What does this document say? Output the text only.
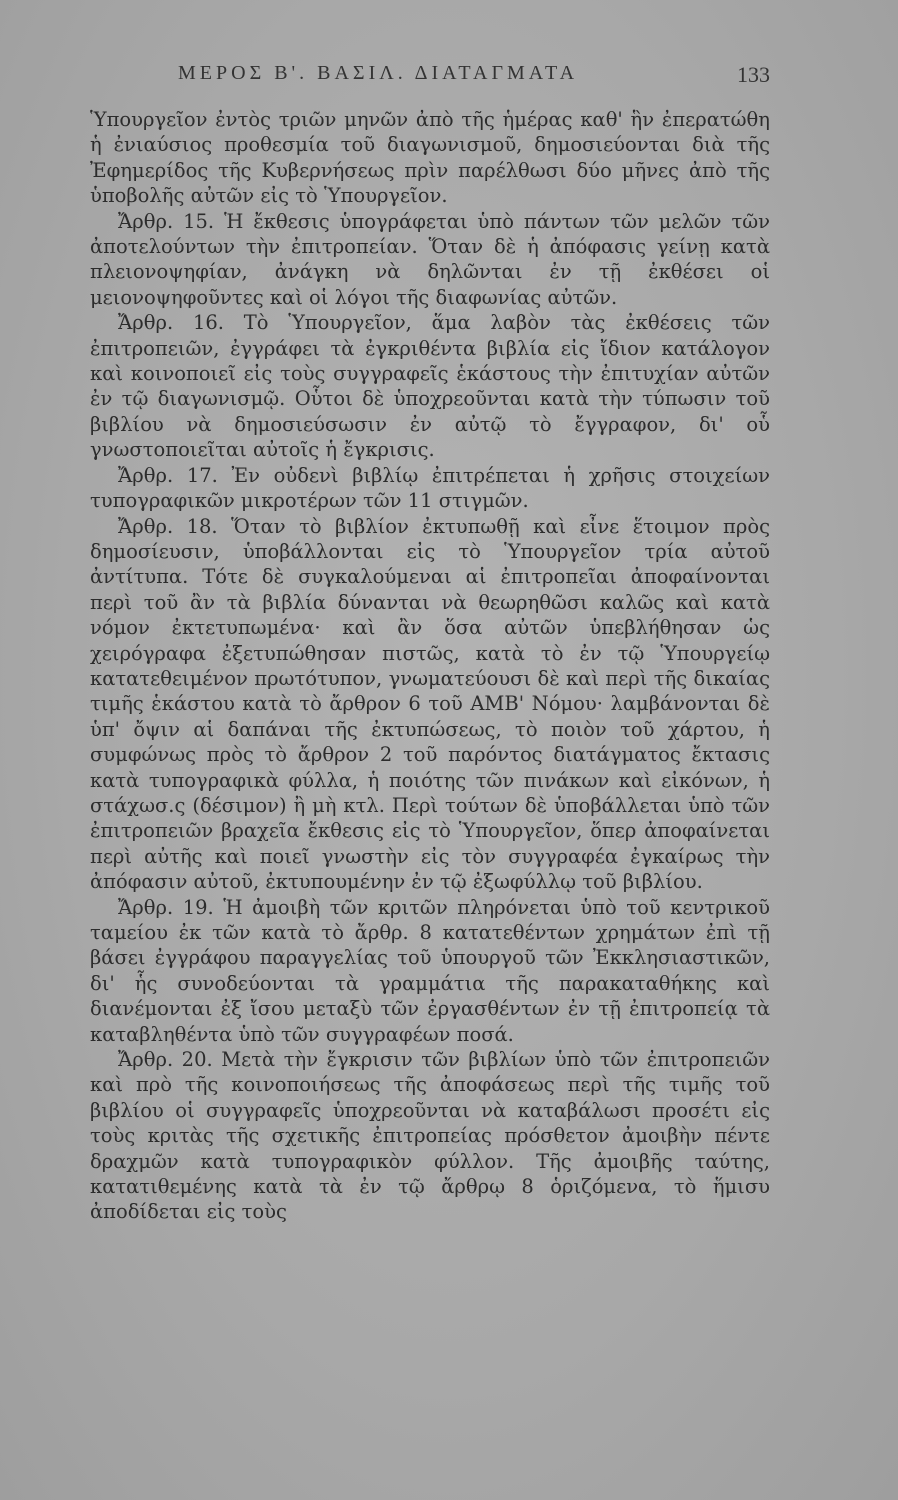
ΜΕΡΟΣ Β'. ΒΑΣΙΛ. ΔΙΑΤΑΓΜΑΤΑ	133

Ὑπουργεῖον ἐντὸς τριῶν μηνῶν ἀπὸ τῆς ἡμέρας καθ' ἣν ἐπερατώθη ἡ ἐνιαύσιος προθεσμία τοῦ διαγωνισμοῦ, δημοσιεύονται διὰ τῆς Ἐφημερίδος τῆς Κυβερνήσεως πρὶν παρέλθωσι δύο μῆνες ἀπὸ τῆς ὑποβολῆς αὐτῶν εἰς τὸ Ὑπουργεῖον.

Ἄρθρ. 15. Ἡ ἔκθεσις ὑπογράφεται ὑπὸ πάντων τῶν μελῶν τῶν ἀποτελούντων τὴν ἐπιτροπείαν. Ὅταν δὲ ἡ ἀπόφασις γείνῃ κατὰ πλειονοψηφίαν, ἀνάγκη νὰ δηλῶνται ἐν τῇ ἐκθέσει οἱ μειονοψηφοῦντες καὶ οἱ λόγοι τῆς διαφωνίας αὐτῶν.

Ἄρθρ. 16. Τὸ Ὑπουργεῖον, ἅμα λαβὸν τὰς ἐκθέσεις τῶν ἐπιτροπειῶν, ἐγγράφει τὰ ἐγκριθέντα βιβλία εἰς ἴδιον κατάλογον καὶ κοινοποιεῖ εἰς τοὺς συγγραφεῖς ἑκάστους τὴν ἐπιτυχίαν αὐτῶν ἐν τῷ διαγωνισμῷ. Οὗτοι δὲ ὑποχρεοῦνται κατὰ τὴν τύπωσιν τοῦ βιβλίου νὰ δημοσιεύσωσιν ἐν αὐτῷ τὸ ἔγγραφον, δι' οὗ γνωστοποιεῖται αὐτοῖς ἡ ἔγκρισις.

Ἄρθρ. 17. Ἐν οὐδενὶ βιβλίῳ ἐπιτρέπεται ἡ χρῆσις στοιχείων τυπογραφικῶν μικροτέρων τῶν 11 στιγμῶν.

Ἄρθρ. 18. Ὅταν τὸ βιβλίον ἐκτυπωθῇ καὶ εἶνε ἕτοιμον πρὸς δημοσίευσιν, ὑποβάλλονται εἰς τὸ Ὑπουργεῖον τρία αὐτοῦ ἀντίτυπα. Τότε δὲ συγκαλούμεναι αἱ ἐπιτροπεῖαι ἀποφαίνονται περὶ τοῦ ἂν τὰ βιβλία δύνανται νὰ θεωρηθῶσι καλῶς καὶ κατὰ νόμον ἐκτετυπωμένα· καὶ ἂν ὅσα αὐτῶν ὑπεβλήθησαν ὡς χειρόγραφα ἐξετυπώθησαν πιστῶς, κατὰ τὸ ἐν τῷ Ὑπουργείῳ κατατεθειμένον πρωτότυπον, γνωματεύουσι δὲ καὶ περὶ τῆς δικαίας τιμῆς ἑκάστου κατὰ τὸ ἄρθρον 6 τοῦ ΑΜΒ' Νόμου· λαμβάνονται δὲ ὑπ' ὄψιν αἱ δαπάναι τῆς ἐκτυπώσεως, τὸ ποιὸν τοῦ χάρτου, ἡ συμφώνως πρὸς τὸ ἄρθρον 2 τοῦ παρόντος διατάγματος ἔκτασις κατὰ τυπογραφικὰ φύλλα, ἡ ποιότης τῶν πινάκων καὶ εἰκόνων, ἡ στάχωσ.ς (δέσιμον) ἢ μὴ κτλ. Περὶ τούτων δὲ ὑποβάλλεται ὑπὸ τῶν ἐπιτροπειῶν βραχεῖα ἔκθεσις εἰς τὸ Ὑπουργεῖον, ὅπερ ἀποφαίνεται περὶ αὐτῆς καὶ ποιεῖ γνωστὴν εἰς τὸν συγγραφέα ἐγκαίρως τὴν ἀπόφασιν αὐτοῦ, ἐκτυπουμένην ἐν τῷ ἐξωφύλλῳ τοῦ βιβλίου.

Ἄρθρ. 19. Ἡ ἀμοιβὴ τῶν κριτῶν πληρόνεται ὑπὸ τοῦ κεντρικοῦ ταμείου ἐκ τῶν κατὰ τὸ ἄρθρ. 8 κατατεθέντων χρημάτων ἐπὶ τῇ βάσει ἐγγράφου παραγγελίας τοῦ ὑπουργοῦ τῶν Ἐκκλησιαστικῶν, δι' ἧς συνοδεύονται τὰ γραμμάτια τῆς παρακαταθήκης καὶ διανέμονται ἐξ ἴσου μεταξὺ τῶν ἐργασθέντων ἐν τῇ ἐπιτροπείᾳ τὰ καταβληθέντα ὑπὸ τῶν συγγραφέων ποσά.

Ἄρθρ. 20. Μετὰ τὴν ἔγκρισιν τῶν βιβλίων ὑπὸ τῶν ἐπιτροπειῶν καὶ πρὸ τῆς κοινοποιήσεως τῆς ἀποφάσεως περὶ τῆς τιμῆς τοῦ βιβλίου οἱ συγγραφεῖς ὑποχρεοῦνται νὰ καταβάλωσι προσέτι εἰς τοὺς κριτὰς τῆς σχετικῆς ἐπιτροπείας πρόσθετον ἀμοιβὴν πέντε δραχμῶν κατὰ τυπογραφικὸν φύλλον. Τῆς ἀμοιβῆς ταύτης, κατατιθεμένης κατὰ τὰ ἐν τῷ ἄρθρῳ 8 ὁριζόμενα, τὸ ἥμισυ ἀποδίδεται εἰς τοὺς
